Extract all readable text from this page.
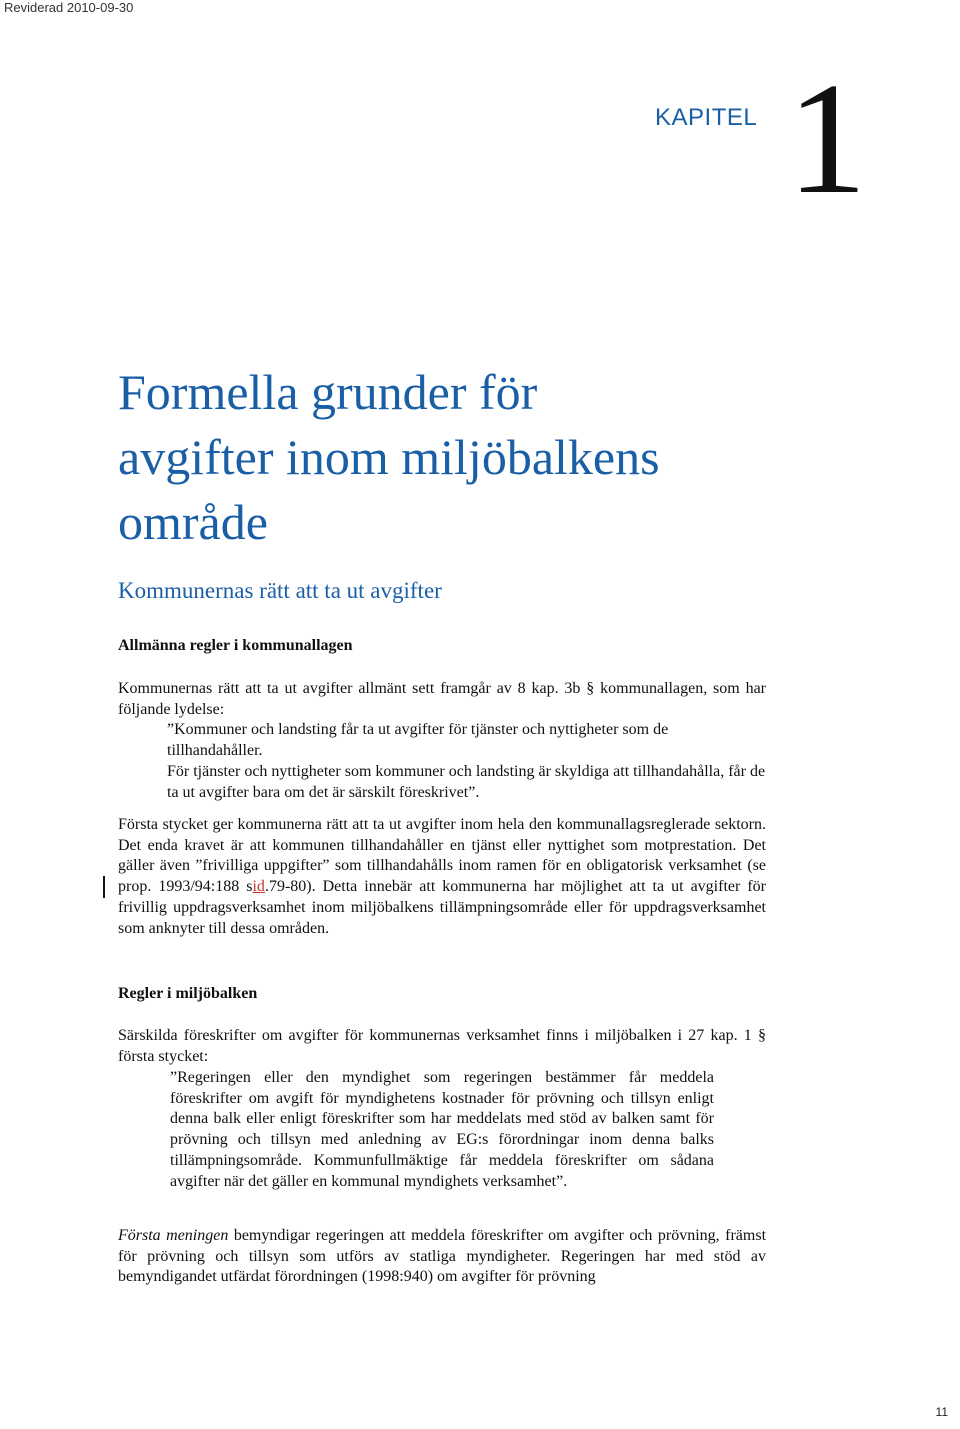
Reviderad 2010-09-30
KAPITEL 1
Formella grunder för
avgifter inom miljöbalkens
område
Kommunernas rätt att ta ut avgifter
Allmänna regler i kommunallagen

Kommunernas rätt att ta ut avgifter allmänt sett framgår av 8 kap. 3b § kommunallagen, som har följande lydelse:

”Kommuner och landsting får ta ut avgifter för tjänster och nyttigheter som de tillhandahåller.

För tjänster och nyttigheter som kommuner och landsting är skyldiga att tillhandahålla, får de ta ut avgifter bara om det är särskilt föreskrivet”.

Första stycket ger kommunerna rätt att ta ut avgifter inom hela den kommunallagsreglerade sektorn. Det enda kravet är att kommunen tillhandahåller en tjänst eller nyttighet som motprestation. Det gäller även ”frivilliga uppgifter” som tillhandahålls inom ramen för en obligatorisk verksamhet (se prop. 1993/94:188 sid.79-80). Detta innebär att kommunerna har möjlighet att ta ut avgifter för frivillig uppdragsverksamhet inom miljöbalkens tillämpningsområde eller för uppdragsverksamhet som anknyter till dessa områden.

Regler i miljöbalken

Särskilda föreskrifter om avgifter för kommunernas verksamhet finns i miljöbalken i 27 kap. 1 § första stycket:

”Regeringen eller den myndighet som regeringen bestämmer får meddela föreskrifter om avgift för myndighetens kostnader för prövning och tillsyn enligt denna balk eller enligt föreskrifter som har meddelats med stöd av balken samt för prövning och tillsyn med anledning av EG:s förordningar inom denna balks tillämpningsområde. Kommunfullmäktige får meddela föreskrifter om sådana avgifter när det gäller en kommunal myndighets verksamhet”.

Första meningen bemyndigar regeringen att meddela föreskrifter om avgifter och prövning, främst för prövning och tillsyn som utförs av statliga myndigheter. Regeringen har med stöd av bemyndigandet utfärdat förordningen (1998:940) om avgifter för prövning

11
